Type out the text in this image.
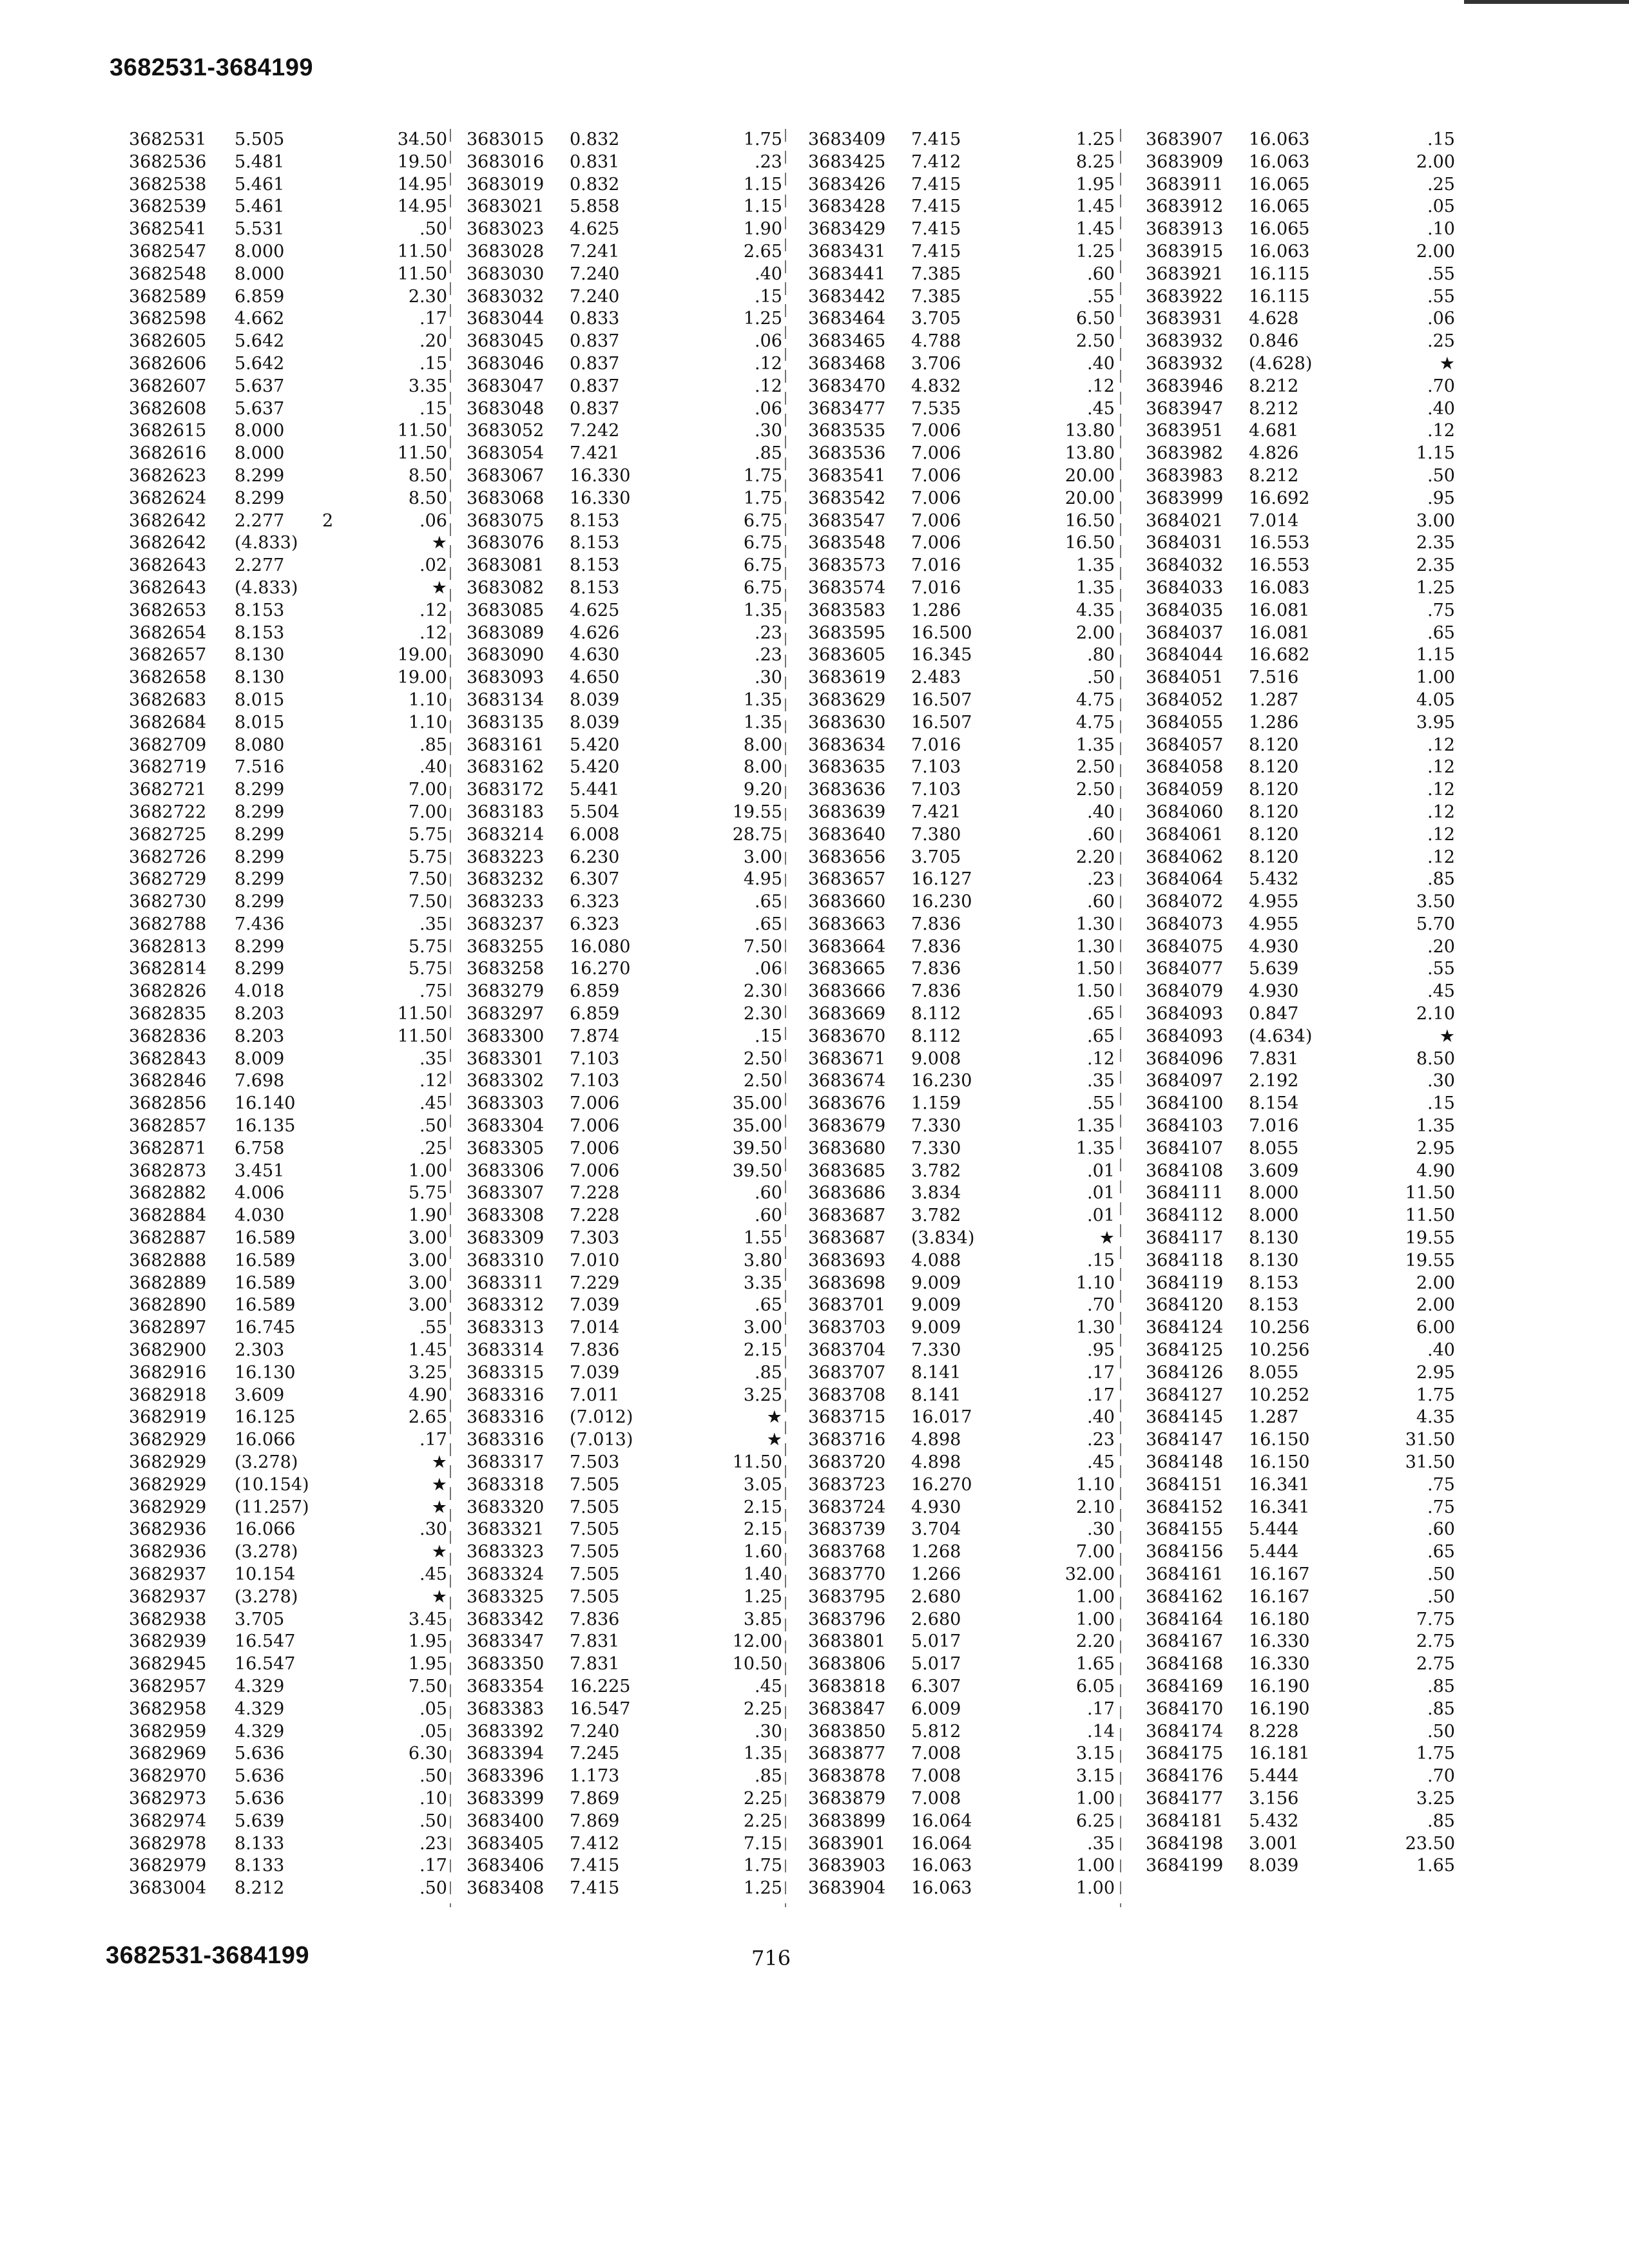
3682531-3684199
3682531 5.505	34.50
3682536 5.481	19.50
3682538 5.461	14.95
3682539 5.461	14.95
3682541 5.531	.50
3682547 8.000	11.50
3682548 8.000	11.50
3682589 6.859	2.30
3682598 4.662	.17
3682605 5.642	.20
3682606 5.642	.15
3682607 5.637	3.35
3682608 5.637	.15
3682615 8.000	11.50
3682616 8.000	11.50
3682623 8.299	8.50
3682624 8.299	8.50
3682642 2.277 2	.06
3682642 (4.833)	★
3682643 2.277	.02
3682643 (4.833)	★
3682653 8.153	.12
3682654 8.153	.12
3682657 8.130	19.00
3682658 8.130	19.00
3682683 8.015	1.10
3682684 8.015	1.10
3682709 8.080	.85
3682719 7.516	.40
3682721 8.299	7.00
3682722 8.299	7.00
3682725 8.299	5.75
3682726 8.299	5.75
3682729 8.299	7.50
3682730 8.299	7.50
3682788 7.436	.35
3682813 8.299	5.75
3682814 8.299	5.75
3682826 4.018	.75
3682835 8.203	11.50
3682836 8.203	11.50
3682843 8.009	.35
3682846 7.698	.12
3682856 16.140	.45
3682857 16.135	.50
3682871 6.758	.25
3682873 3.451	1.00
3682882 4.006	5.75
3682884 4.030	1.90
3682887 16.589	3.00
3682888 16.589	3.00
3682889 16.589	3.00
3682890 16.589	3.00
3682897 16.745	.55
3682900 2.303	1.45
3682916 16.130	3.25
3682918 3.609	4.90
3682919 16.125	2.65
3682929 16.066	.17
3682929 (3.278)	★
3682929 (10.154)	★
3682929 (11.257)	★
3682936 16.066	.30
3682936 (3.278)	★
3682937 10.154	.45
3682937 (3.278)	★
3682938 3.705	3.45
3682939 16.547	1.95
3682945 16.547	1.95
3682957 4.329	7.50
3682958 4.329	.05
3682959 4.329	.05
3682969 5.636	6.30
3682970 5.636	.50
3682973 5.636	.10
3682974 5.639	.50
3682978 8.133	.23
3682979 8.133	.17
3683004 8.212	.50
3683015 0.832	1.75
3683016 0.831	.23
3683019 0.832	1.15
3683021 5.858	1.15
3683023 4.625	1.90
3683028 7.241	2.65
3683030 7.240	.40
3683032 7.240	.15
3683044 0.833	1.25
3683045 0.837	.06
3683046 0.837	.12
3683047 0.837	.12
3683048 0.837	.06
3683052 7.242	.30
3683054 7.421	.85
3683067 16.330	1.75
3683068 16.330	1.75
3683075 8.153	6.75
3683076 8.153	6.75
3683081 8.153	6.75
3683082 8.153	6.75
3683085 4.625	1.35
3683089 4.626	.23
3683090 4.630	.23
3683093 4.650	.30
3683134 8.039	1.35
3683135 8.039	1.35
3683161 5.420	8.00
3683162 5.420	8.00
3683172 5.441	9.20
3683183 5.504	19.55
3683214 6.008	28.75
3683223 6.230	3.00
3683232 6.307	4.95
3683233 6.323	.65
3683237 6.323	.65
3683255 16.080	7.50
3683258 16.270	.06
3683279 6.859	2.30
3683297 6.859	2.30
3683300 7.874	.15
3683301 7.103	2.50
3683302 7.103	2.50
3683303 7.006	35.00
3683304 7.006	35.00
3683305 7.006	39.50
3683306 7.006	39.50
3683307 7.228	.60
3683308 7.228	.60
3683309 7.303	1.55
3683310 7.010	3.80
3683311 7.229	3.35
3683312 7.039	.65
3683313 7.014	3.00
3683314 7.836	2.15
3683315 7.039	.85
3683316 7.011	3.25
3683316 (7.012)	★
3683316 (7.013)	★
3683317 7.503	11.50
3683318 7.505	3.05
3683320 7.505	2.15
3683321 7.505	2.15
3683323 7.505	1.60
3683324 7.505	1.40
3683325 7.505	1.25
3683342 7.836	3.85
3683347 7.831	12.00
3683350 7.831	10.50
3683354 16.225	.45
3683383 16.547	2.25
3683392 7.240	.30
3683394 7.245	1.35
3683396 1.173	.85
3683399 7.869	2.25
3683400 7.869	2.25
3683405 7.412	7.15
3683406 7.415	1.75
3683408 7.415	1.25
3683409 7.415	1.25
3683425 7.412	8.25
3683426 7.415	1.95
3683428 7.415	1.45
3683429 7.415	1.45
3683431 7.415	1.25
3683441 7.385	.60
3683442 7.385	.55
3683464 3.705	6.50
3683465 4.788	2.50
3683468 3.706	.40
3683470 4.832	.12
3683477 7.535	.45
3683535 7.006	13.80
3683536 7.006	13.80
3683541 7.006	20.00
3683542 7.006	20.00
3683547 7.006	16.50
3683548 7.006	16.50
3683573 7.016	1.35
3683574 7.016	1.35
3683583 1.286	4.35
3683595 16.500	2.00
3683605 16.345	.80
3683619 2.483	.50
3683629 16.507	4.75
3683630 16.507	4.75
3683634 7.016	1.35
3683635 7.103	2.50
3683636 7.103	2.50
3683639 7.421	.40
3683640 7.380	.60
3683656 3.705	2.20
3683657 16.127	.23
3683660 16.230	.60
3683663 7.836	1.30
3683664 7.836	1.30
3683665 7.836	1.50
3683666 7.836	1.50
3683669 8.112	.65
3683670 8.112	.65
3683671 9.008	.12
3683674 16.230	.35
3683676 1.159	.55
3683679 7.330	1.35
3683680 7.330	1.35
3683685 3.782	.01
3683686 3.834	.01
3683687 3.782	.01
3683687 (3.834)	★
3683693 4.088	.15
3683698 9.009	1.10
3683701 9.009	.70
3683703 9.009	1.30
3683704 7.330	.95
3683707 8.141	.17
3683708 8.141	.17
3683715 16.017	.40
3683716 4.898	.23
3683720 4.898	.45
3683723 16.270	1.10
3683724 4.930	2.10
3683739 3.704	.30
3683768 1.268	7.00
3683770 1.266	32.00
3683795 2.680	1.00
3683796 2.680	1.00
3683801 5.017	2.20
3683806 5.017	1.65
3683818 6.307	6.05
3683847 6.009	.17
3683850 5.812	.14
3683877 7.008	3.15
3683878 7.008	3.15
3683879 7.008	1.00
3683899 16.064	6.25
3683901 16.064	.35
3683903 16.063	1.00
3683904 16.063	1.00
3683907 16.063	.15
3683909 16.063	2.00
3683911 16.065	.25
3683912 16.065	.05
3683913 16.065	.10
3683915 16.063	2.00
3683921 16.115	.55
3683922 16.115	.55
3683931 4.628	.06
3683932 0.846	.25
3683932 (4.628)	★
3683946 8.212	.70
3683947 8.212	.40
3683951 4.681	.12
3683982 4.826	1.15
3683983 8.212	.50
3683999 16.692	.95
3684021 7.014	3.00
3684031 16.553	2.35
3684032 16.553	2.35
3684033 16.083	1.25
3684035 16.081	.75
3684037 16.081	.65
3684044 16.682	1.15
3684051 7.516	1.00
3684052 1.287	4.05
3684055 1.286	3.95
3684057 8.120	.12
3684058 8.120	.12
3684059 8.120	.12
3684060 8.120	.12
3684061 8.120	.12
3684062 8.120	.12
3684064 5.432	.85
3684072 4.955	3.50
3684073 4.955	5.70
3684075 4.930	.20
3684077 5.639	.55
3684079 4.930	.45
3684093 0.847	2.10
3684093 (4.634)	★
3684096 7.831	8.50
3684097 2.192	.30
3684100 8.154	.15
3684103 7.016	1.35
3684107 8.055	2.95
3684108 3.609	4.90
3684111 8.000	11.50
3684112 8.000	11.50
3684117 8.130	19.55
3684118 8.130	19.55
3684119 8.153	2.00
3684120 8.153	2.00
3684124 10.256	6.00
3684125 10.256	.40
3684126 8.055	2.95
3684127 10.252	1.75
3684145 1.287	4.35
3684147 16.150	31.50
3684148 16.150	31.50
3684151 16.341	.75
3684152 16.341	.75
3684155 5.444	.60
3684156 5.444	.65
3684161 16.167	.50
3684162 16.167	.50
3684164 16.180	7.75
3684167 16.330	2.75
3684168 16.330	2.75
3684169 16.190	.85
3684170 16.190	.85
3684174 8.228	.50
3684175 16.181	1.75
3684176 5.444	.70
3684177 3.156	3.25
3684181 5.432	.85
3684198 3.001	23.50
3684199 8.039	1.65
3682531-3684199	716
